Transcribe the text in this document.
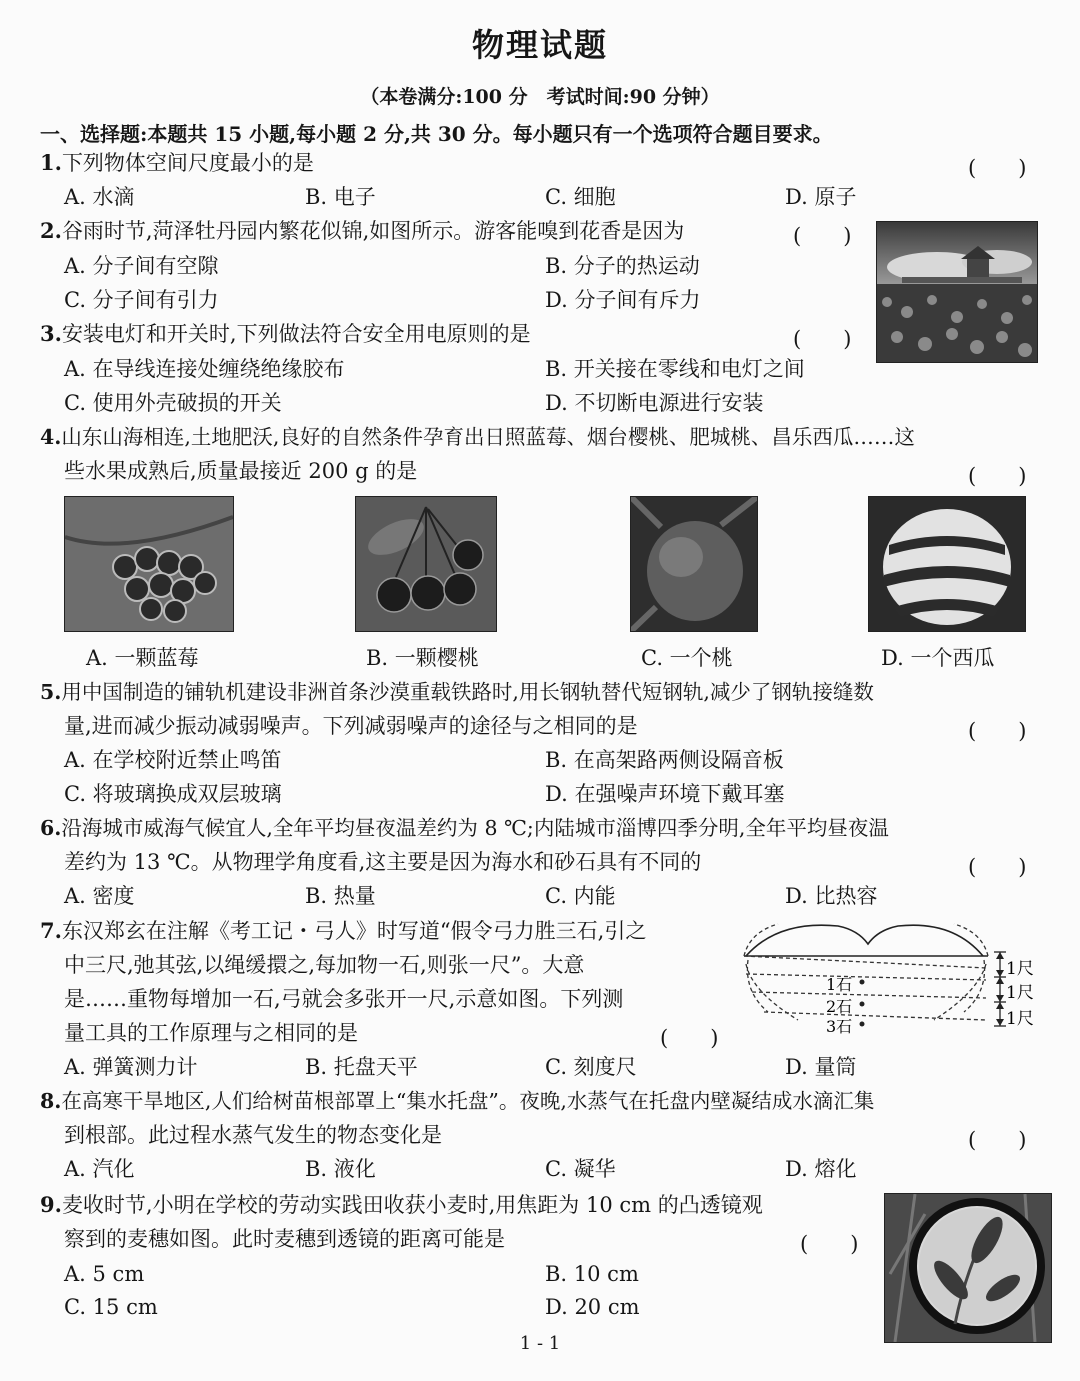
物理试题
（本卷满分:100 分　考试时间:90 分钟）
一、选择题:本题共 15 小题,每小题 2 分,共 30 分。每小题只有一个选项符合题目要求。
1.下列物体空间尺度最小的是	(　　)
A. 水滴	B. 电子	C. 细胞	D. 原子
2.谷雨时节,菏泽牡丹园内繁花似锦,如图所示。游客能嗅到花香是因为	(　　)
A. 分子间有空隙	B. 分子的热运动
C. 分子间有引力	D. 分子间有斥力
3.安装电灯和开关时,下列做法符合安全用电原则的是	(　　)
A. 在导线连接处缠绕绝缘胶布	B. 开关接在零线和电灯之间
C. 使用外壳破损的开关	D. 不切断电源进行安装
4.山东山海相连,土地肥沃,良好的自然条件孕育出日照蓝莓、烟台樱桃、肥城桃、昌乐西瓜……这
些水果成熟后,质量最接近 200 g 的是	(　　)
A. 一颗蓝莓	B. 一颗樱桃	C. 一个桃	D. 一个西瓜
5.用中国制造的铺轨机建设非洲首条沙漠重载铁路时,用长钢轨替代短钢轨,减少了钢轨接缝数
量,进而减少振动减弱噪声。下列减弱噪声的途径与之相同的是	(　　)
A. 在学校附近禁止鸣笛	B. 在高架路两侧设隔音板
C. 将玻璃换成双层玻璃	D. 在强噪声环境下戴耳塞
6.沿海城市威海气候宜人,全年平均昼夜温差约为 8 ℃;内陆城市淄博四季分明,全年平均昼夜温
差约为 13 ℃。从物理学角度看,这主要是因为海水和砂石具有不同的	(　　)
A. 密度	B. 热量	C. 内能	D. 比热容
7.东汉郑玄在注解《考工记・弓人》时写道“假令弓力胜三石,引之
中三尺,弛其弦,以绳缓擐之,每加物一石,则张一尺”。大意
是……重物每增加一石,弓就会多张开一尺,示意如图。下列测
量工具的工作原理与之相同的是	(　　)
A. 弹簧测力计	B. 托盘天平	C. 刻度尺	D. 量筒
1尺
1尺
1尺
1石
2石
3石
8.在高寒干旱地区,人们给树苗根部罩上“集水托盘”。夜晚,水蒸气在托盘内壁凝结成水滴汇集
到根部。此过程水蒸气发生的物态变化是	(　　)
A. 汽化	B. 液化	C. 凝华	D. 熔化
9.麦收时节,小明在学校的劳动实践田收获小麦时,用焦距为 10 cm 的凸透镜观
察到的麦穗如图。此时麦穗到透镜的距离可能是	(　　)
A. 5 cm	B. 10 cm
C. 15 cm	D. 20 cm
1 - 1
